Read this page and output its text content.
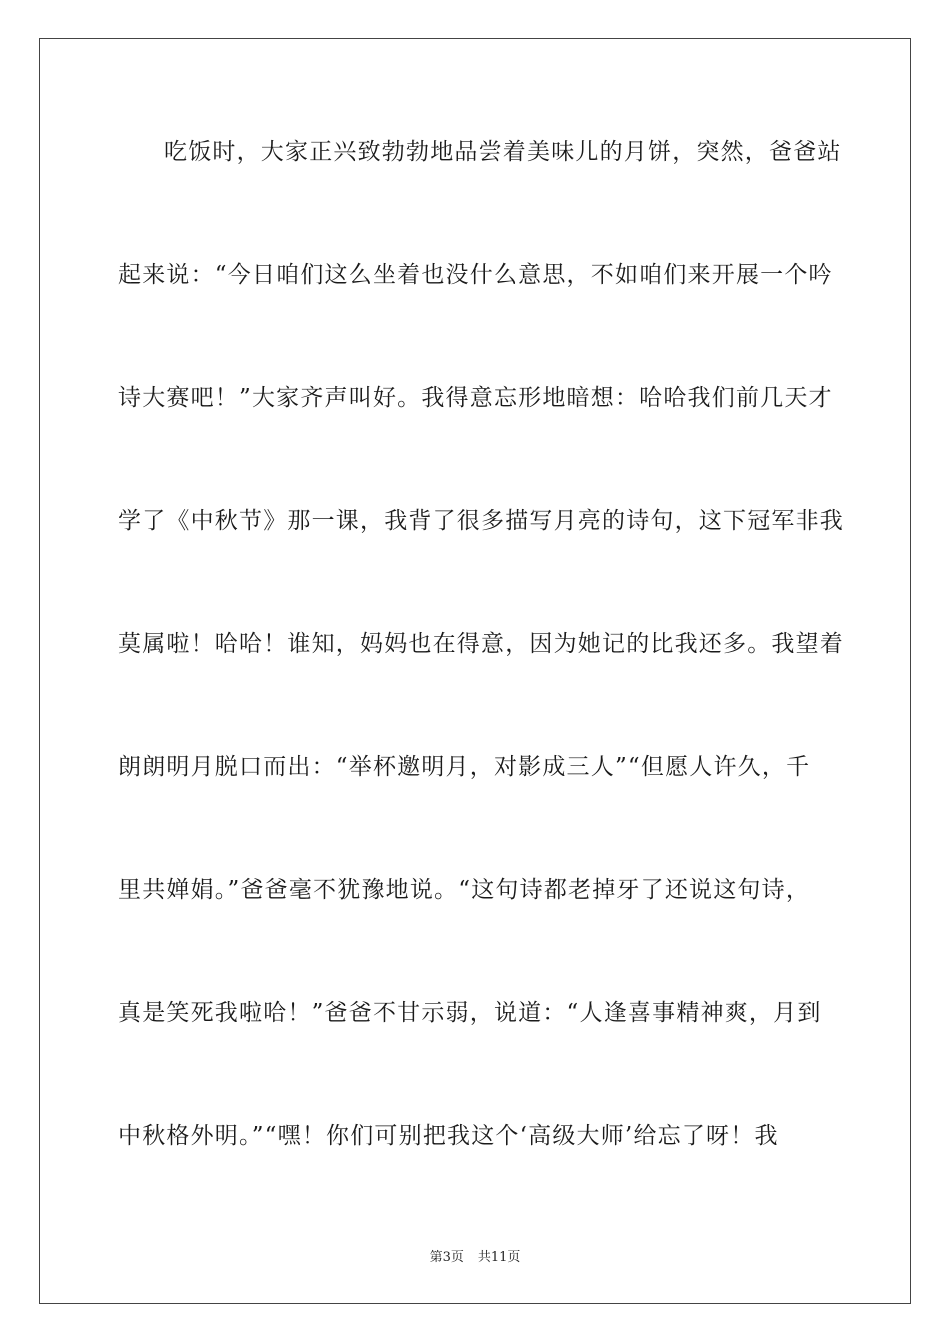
吃饭时，大家正兴致勃勃地品尝着美味儿的月饼，突然，爸爸站
起来说：“今日咱们这么坐着也没什么意思，不如咱们来开展一个吟
诗大赛吧！”大家齐声叫好。我得意忘形地暗想：哈哈我们前几天才
学了《中秋节》那一课，我背了很多描写月亮的诗句，这下冠军非我
莫属啦！哈哈！谁知，妈妈也在得意，因为她记的比我还多。我望着
朗朗明月脱口而出：“举杯邀明月，对影成三人”“但愿人许久，千
里共婵娟。”爸爸毫不犹豫地说。“这句诗都老掉牙了还说这句诗，
真是笑死我啦哈！”爸爸不甘示弱，说道：“人逢喜事精神爽，月到
中秋格外明。”“嘿！你们可别把我这个‘高级大师’给忘了呀！我
第3页 共11页
